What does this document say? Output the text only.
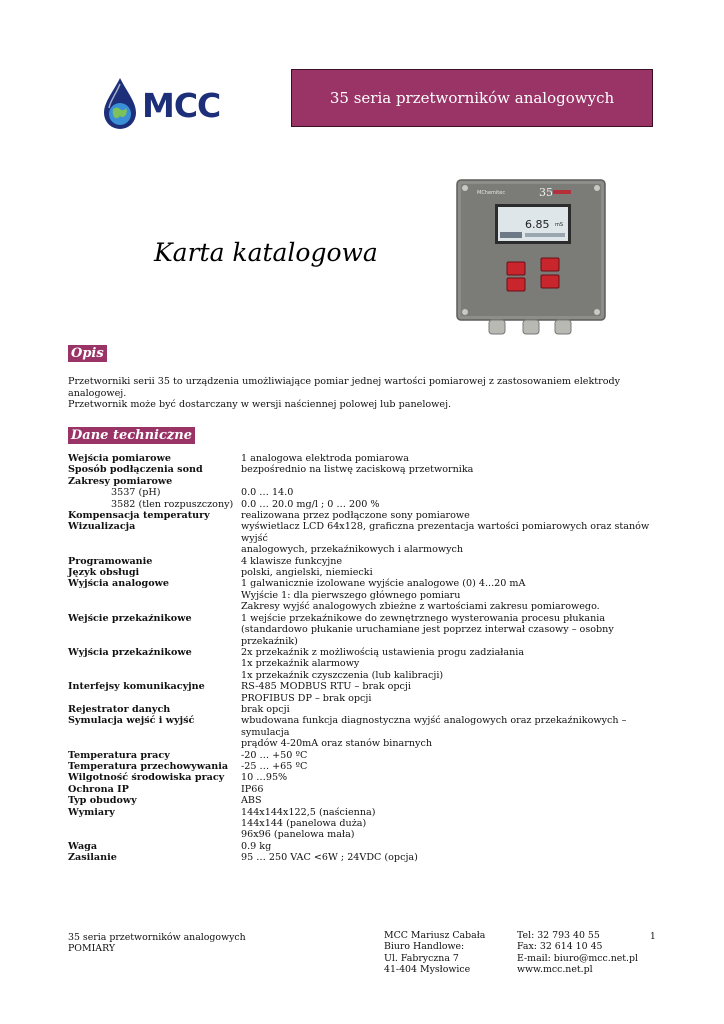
MCC	35 seria przetworników analogowych
Karta katalogowa
MChemitec	35
6.85 mS
Opis
Przetworniki serii 35 to urządzenia umożliwiające pomiar jednej wartości pomiarowej z zastosowaniem elektrody analogowej.
Przetwornik może być dostarczany w wersji naściennej polowej lub panelowej.
Dane techniczne
Wejścia pomiarowe	1 analogowa elektroda pomiarowa
Sposób podłączenia sond	bezpośrednio na listwę zaciskową przetwornika
Zakresy pomiarowe

3537 (pH)	0.0 … 14.0
3582 (tlen rozpuszczony) 0.0 … 20.0 mg/l ; 0 … 200 %
Kompensacja temperatury	realizowana przez podłączone sony pomiarowe
Wizualizacja	wyświetlacz LCD 64x128, graficzna prezentacja wartości pomiarowych oraz stanów wyjść
analogowych, przekaźnikowych i alarmowych
Programowanie	4 klawisze funkcyjne
Język obsługi	polski, angielski, niemiecki
Wyjścia analogowe	1 galwanicznie izolowane wyjście analogowe (0) 4...20 mA
Wyjście 1: dla pierwszego głównego pomiaru
Zakresy wyjść analogowych zbieżne z wartościami zakresu pomiarowego.
Wejście przekaźnikowe	1 wejście przekaźnikowe do zewnętrznego wysterowania procesu płukania
(standardowo płukanie uruchamiane jest poprzez interwał czasowy – osobny przekaźnik)
Wyjścia przekaźnikowe	2x przekaźnik z możliwością ustawienia progu zadziałania
1x przekaźnik alarmowy
1x przekaźnik czyszczenia (lub kalibracji)
Interfejsy komunikacyjne	RS-485 MODBUS RTU – brak opcji
PROFIBUS DP – brak opcji
Rejestrator danych	brak opcji
Symulacja wejść i wyjść	wbudowana funkcja diagnostyczna wyjść analogowych oraz przekaźnikowych – symulacja
prądów 4-20mA oraz stanów binarnych
Temperatura pracy	-20 … +50 ºC
Temperatura przechowywania	-25 … +65 ºC
Wilgotność środowiska pracy	10 …95%
Ochrona IP	IP66
Typ obudowy	ABS
Wymiary	144x144x122,5 (naścienna)
144x144 (panelowa duża)
96x96 (panelowa mała)
Waga	0.9 kg
Zasilanie	95 … 250 VAC <6W ; 24VDC (opcja)
35 seria przetworników analogowych
POMIARY
MCC Mariusz Cabała
Biuro Handlowe:
Ul. Fabryczna 7
41-404 Mysłowice
Tel: 32 793 40 55
Fax: 32 614 10 45
E-mail: biuro@mcc.net.pl
www.mcc.net.pl
1
